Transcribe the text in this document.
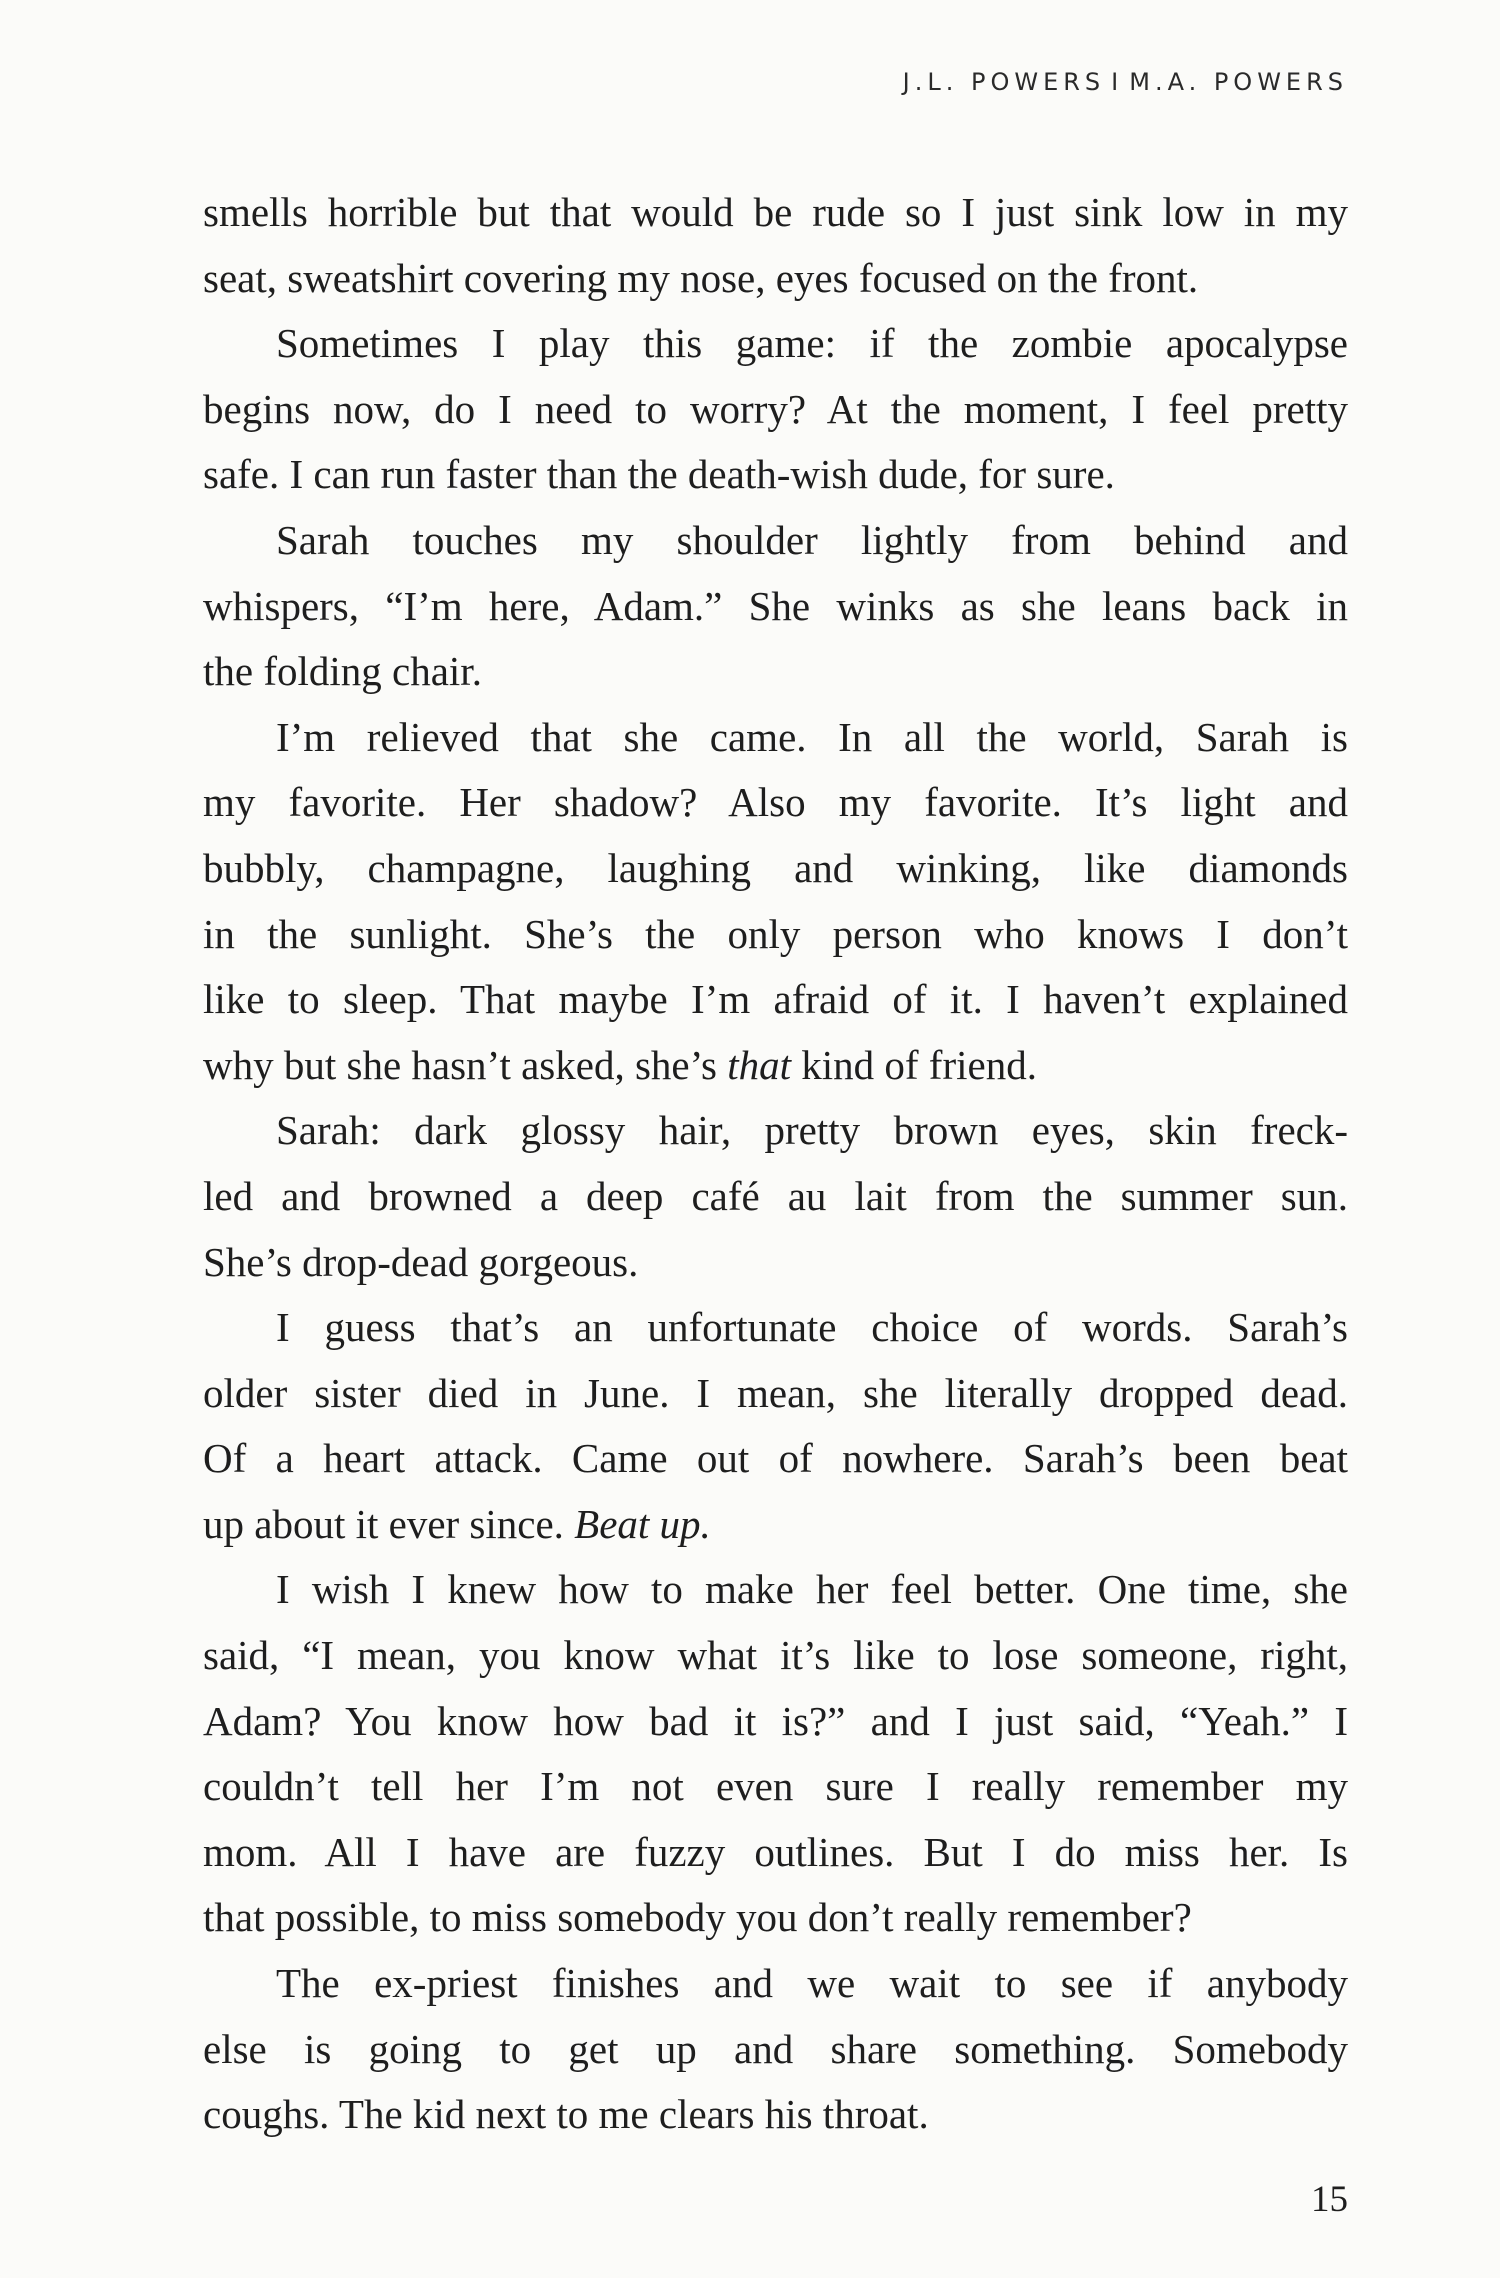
J.L. POWERS I M.A. POWERS
smells horrible but that would be rude so I just sink low in my
seat, sweatshirt covering my nose, eyes focused on the front.
Sometimes I play this game: if the zombie apocalypse
begins now, do I need to worry? At the moment, I feel pretty
safe. I can run faster than the death-wish dude, for sure.
Sarah touches my shoulder lightly from behind and
whispers, “I’m here, Adam.” She winks as she leans back in
the folding chair.
I’m relieved that she came. In all the world, Sarah is
my favorite. Her shadow? Also my favorite. It’s light and
bubbly, champagne, laughing and winking, like diamonds
in the sunlight. She’s the only person who knows I don’t
like to sleep. That maybe I’m afraid of it. I haven’t explained
why but she hasn’t asked, she’s that kind of friend.
Sarah: dark glossy hair, pretty brown eyes, skin freck-
led and browned a deep café au lait from the summer sun.
She’s drop-dead gorgeous.
I guess that’s an unfortunate choice of words. Sarah’s
older sister died in June. I mean, she literally dropped dead.
Of a heart attack. Came out of nowhere. Sarah’s been beat
up about it ever since. Beat up.
I wish I knew how to make her feel better. One time, she
said, “I mean, you know what it’s like to lose someone, right,
Adam? You know how bad it is?” and I just said, “Yeah.” I
couldn’t tell her I’m not even sure I really remember my
mom. All I have are fuzzy outlines. But I do miss her. Is
that possible, to miss somebody you don’t really remember?
The ex-priest finishes and we wait to see if anybody
else is going to get up and share something. Somebody
coughs. The kid next to me clears his throat.
15
